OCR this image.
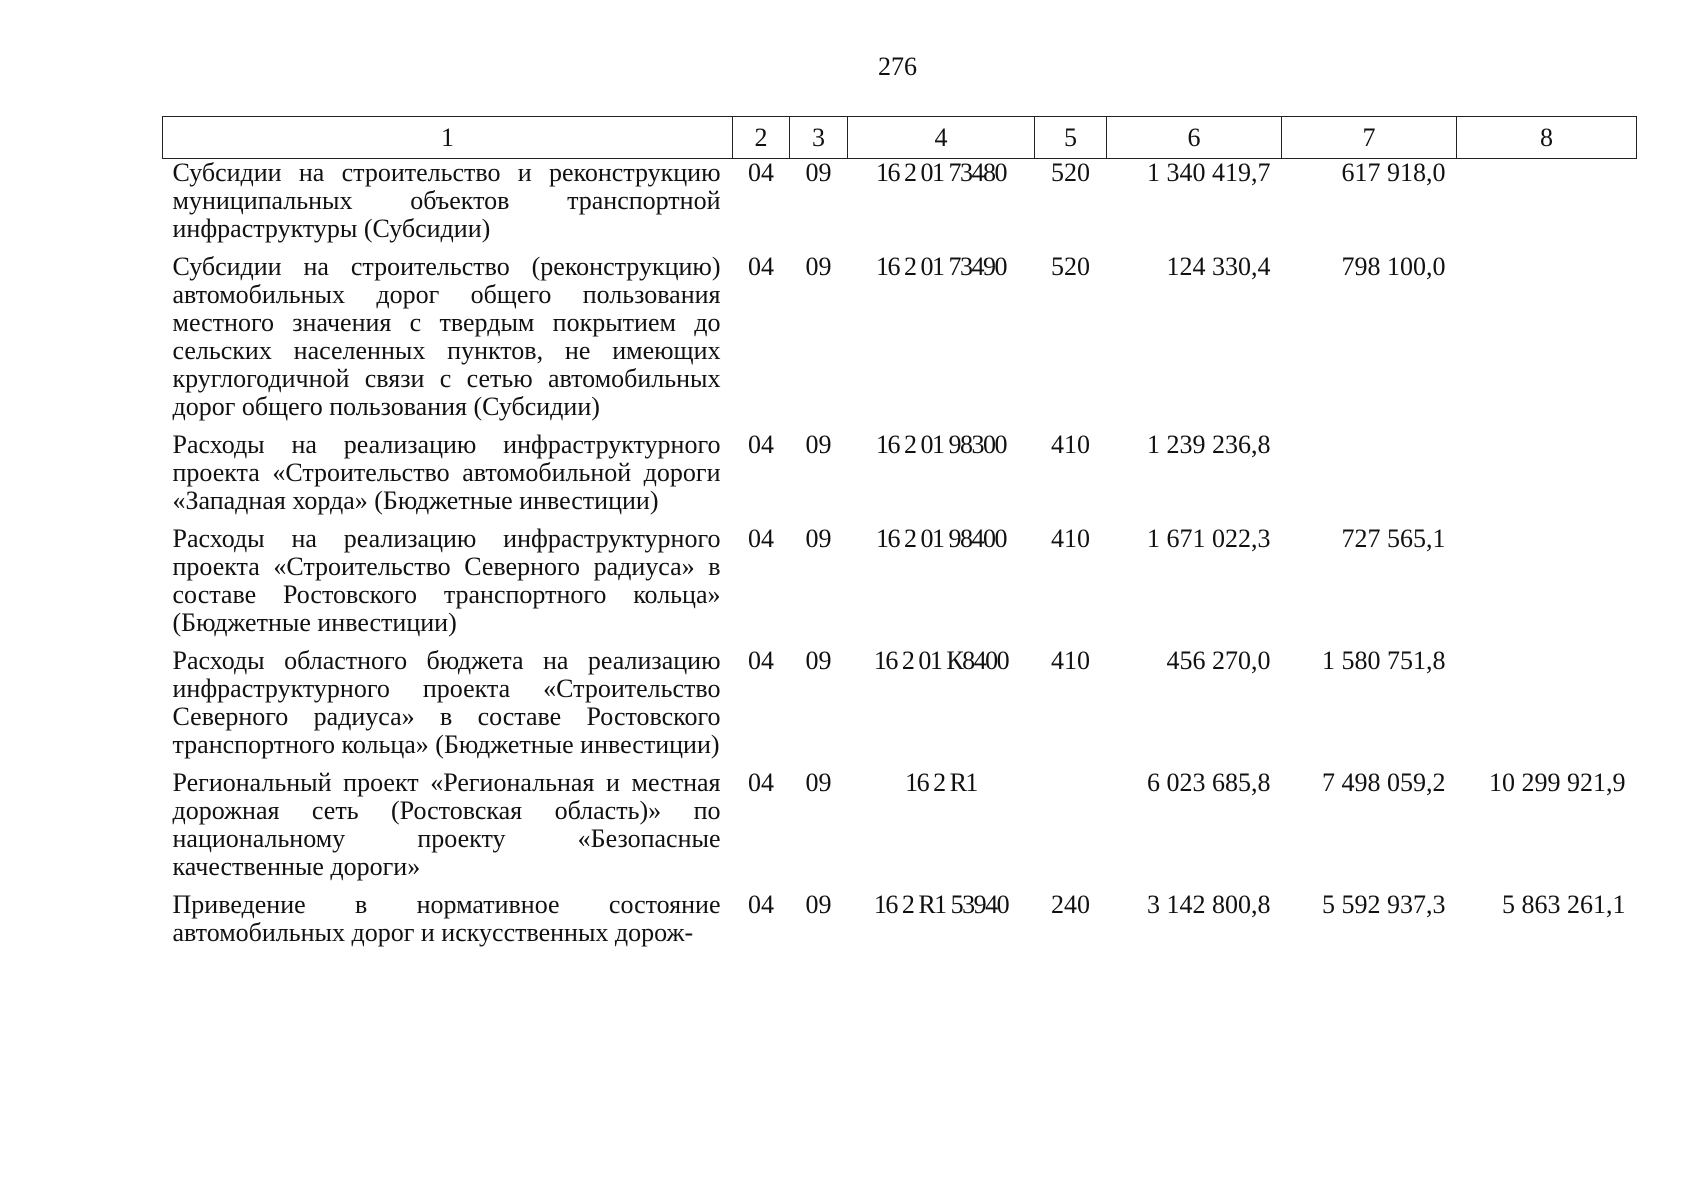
276
1	2	3	4	5	6	7	8
Субсидии на строительство и реконструкцию муниципальных объектов транспортной инфраструктуры (Субсидии)	04	09	16 2 01 73480	520	1 340 419,7	617 918,0	
Субсидии на строительство (реконструкцию) автомобильных дорог общего пользования местного значения с твердым покрытием до сельских населенных пунктов, не имеющих круглогодичной связи с сетью автомобильных дорог общего пользования (Субсидии)	04	09	16 2 01 73490	520	124 330,4	798 100,0	
Расходы на реализацию инфраструктурного проекта «Строительство автомобильной дороги «Западная хорда» (Бюджетные инвестиции)	04	09	16 2 01 98300	410	1 239 236,8		
Расходы на реализацию инфраструктурного проекта «Строительство Северного радиуса» в составе Ростовского транспортного кольца» (Бюджетные инвестиции)	04	09	16 2 01 98400	410	1 671 022,3	727 565,1	
Расходы областного бюджета на реализацию инфраструктурного проекта «Строительство Северного радиуса» в составе Ростовского транспортного кольца» (Бюджетные инвестиции)	04	09	16 2 01 К8400	410	456 270,0	1 580 751,8	
Региональный проект «Региональная и местная дорожная сеть (Ростовская область)» по национальному проекту «Безопасные качественные дороги»	04	09	16 2 R1		6 023 685,8	7 498 059,2	10 299 921,9
Приведение в нормативное состояние автомобильных дорог и искусственных дорож-	04	09	16 2 R1 53940	240	3 142 800,8	5 592 937,3	5 863 261,1
